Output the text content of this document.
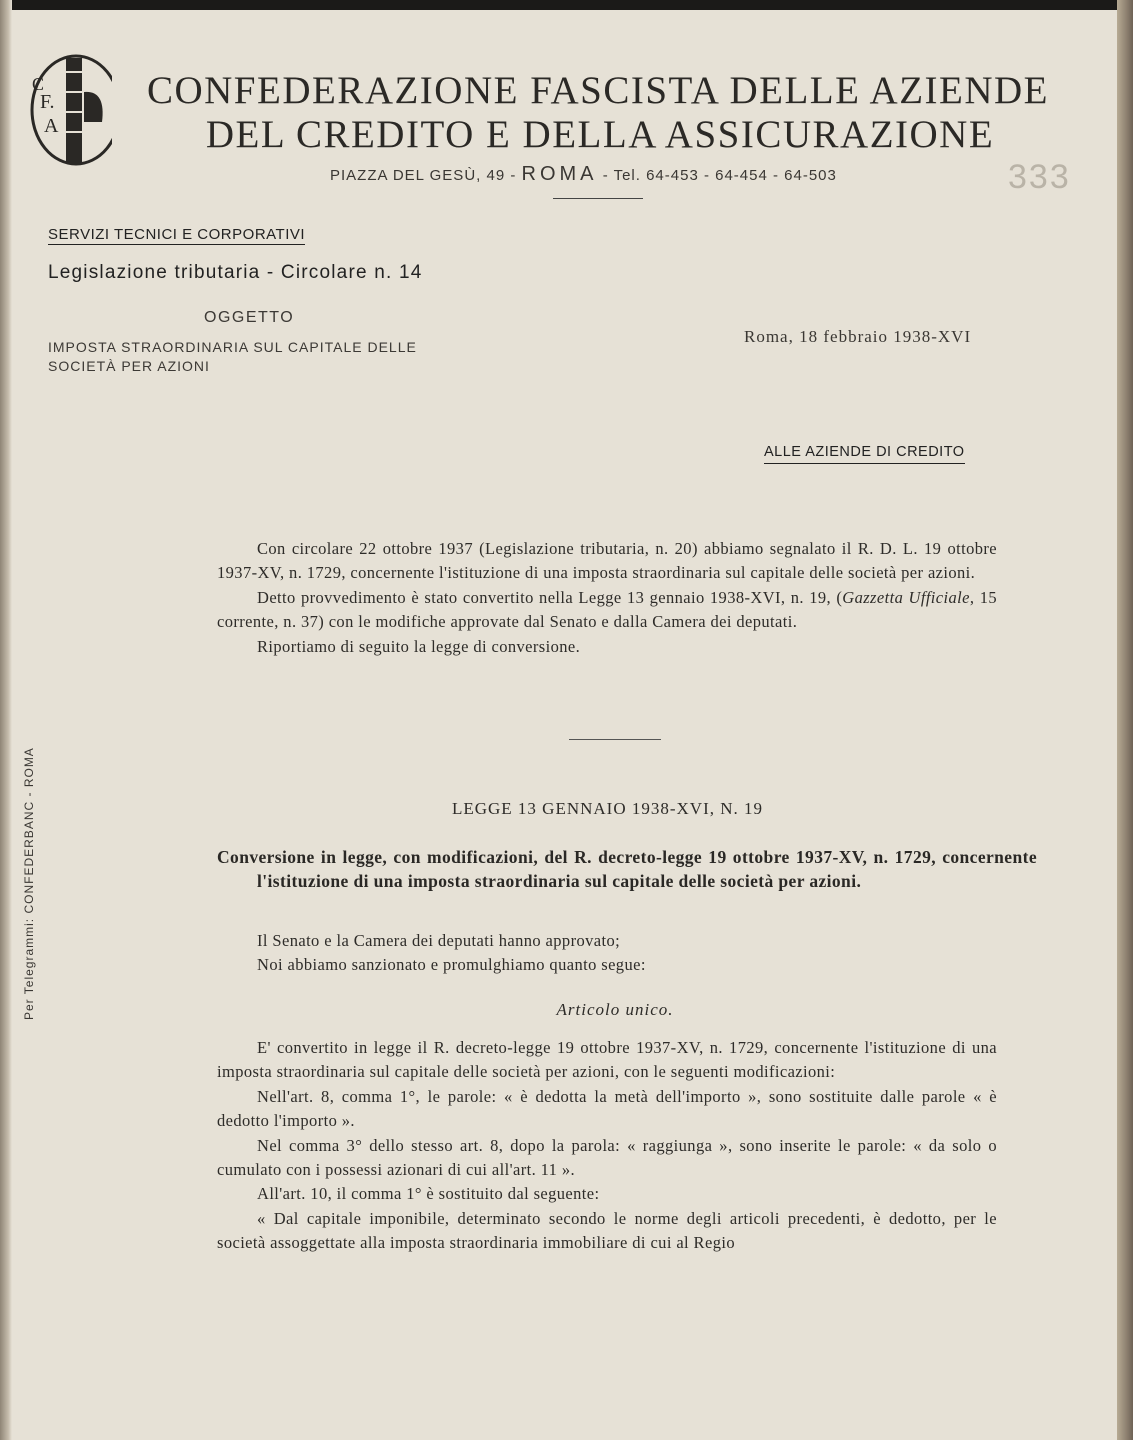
F.
A
C	CONFEDERAZIONE FASCISTA DELLE AZIENDE
DEL CREDITO E DELLA ASSICURAZIONE
PIAZZA DEL GESÙ, 49 - ROMA - Tel. 64-453 - 64-454 - 64-503	333
SERVIZI TECNICI E CORPORATIVI
Legislazione tributaria - Circolare n. 14
OGGETTO
IMPOSTA STRAORDINARIA SUL CAPITALE DELLE SOCIETÀ PER AZIONI
Roma, 18 febbraio 1938-XVI
ALLE AZIENDE DI CREDITO

Con circolare 22 ottobre 1937 (Legislazione tributaria, n. 20) abbiamo segnalato il R. D. L. 19 ottobre 1937-XV, n. 1729, concernente l'istituzione di una imposta straordinaria sul capitale delle società per azioni.

Detto provvedimento è stato convertito nella Legge 13 gennaio 1938-XVI, n. 19, (Gazzetta Ufficiale, 15 corrente, n. 37) con le modifiche approvate dal Senato e dalla Camera dei deputati.

Riportiamo di seguito la legge di conversione.

LEGGE 13 GENNAIO 1938-XVI, N. 19
Conversione in legge, con modificazioni, del R. decreto-legge 19 ottobre 1937-XV, n. 1729, concernente l'istituzione di una imposta straordinaria sul capitale delle società per azioni.

Il Senato e la Camera dei deputati hanno approvato;

Noi abbiamo sanzionato e promulghiamo quanto segue:

Articolo unico.

E' convertito in legge il R. decreto-legge 19 ottobre 1937-XV, n. 1729, concernente l'istituzione di una imposta straordinaria sul capitale delle società per azioni, con le seguenti modificazioni:

Nell'art. 8, comma 1°, le parole: « è dedotta la metà dell'importo », sono sostituite dalle parole « è dedotto l'importo ».

Nel comma 3° dello stesso art. 8, dopo la parola: « raggiunga », sono inserite le parole: « da solo o cumulato con i possessi azionari di cui all'art. 11 ».

All'art. 10, il comma 1° è sostituito dal seguente:

« Dal capitale imponibile, determinato secondo le norme degli articoli precedenti, è dedotto, per le società assoggettate alla imposta straordinaria immobiliare di cui al Regio

Per Telegrammi: CONFEDERBANC - ROMA
